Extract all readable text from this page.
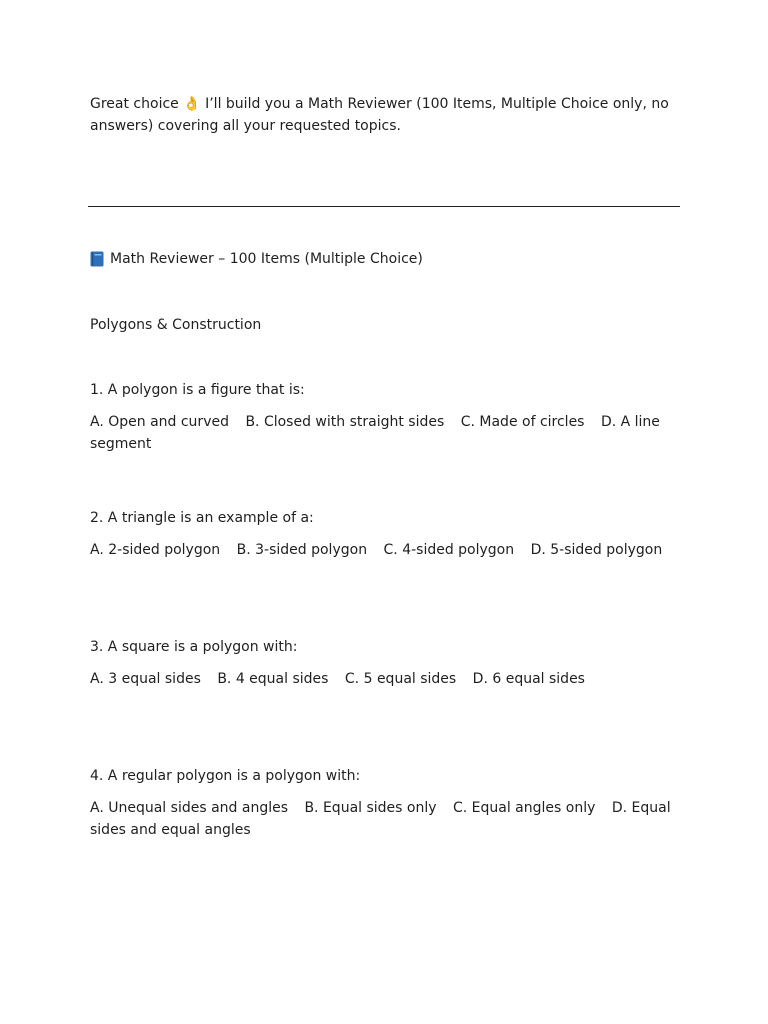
Great choice 👌 I’ll build you a Math Reviewer (100 Items, Multiple Choice only, no answers) covering all your requested topics.

Math Reviewer – 100 Items (Multiple Choice)
Polygons & Construction

1. A polygon is a figure that is:

A. Open and curved B. Closed with straight sides C. Made of circles D. A line segment

2. A triangle is an example of a:

A. 2-sided polygon B. 3-sided polygon C. 4-sided polygon D. 5-sided polygon

3. A square is a polygon with:

A. 3 equal sides B. 4 equal sides C. 5 equal sides D. 6 equal sides

4. A regular polygon is a polygon with:

A. Unequal sides and angles B. Equal sides only C. Equal angles only D. Equal sides and equal angles
